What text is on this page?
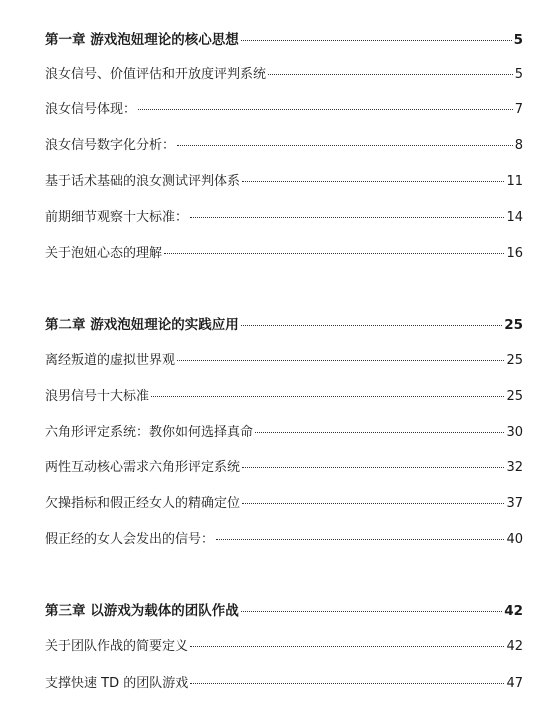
第一章 游戏泡妞理论的核心思想	5
浪女信号、价值评估和开放度评判系统	5
浪女信号体现：	7
浪女信号数字化分析：	8
基于话术基础的浪女测试评判体系	11
前期细节观察十大标准：	14
关于泡妞心态的理解	16
第二章 游戏泡妞理论的实践应用	25
离经叛道的虚拟世界观	25
浪男信号十大标准	25
六角形评定系统：教你如何选择真命	30
两性互动核心需求六角形评定系统	32
欠操指标和假正经女人的精确定位	37
假正经的女人会发出的信号：	40
第三章 以游戏为载体的团队作战	42
关于团队作战的简要定义	42
支撑快速 TD 的团队游戏	47
